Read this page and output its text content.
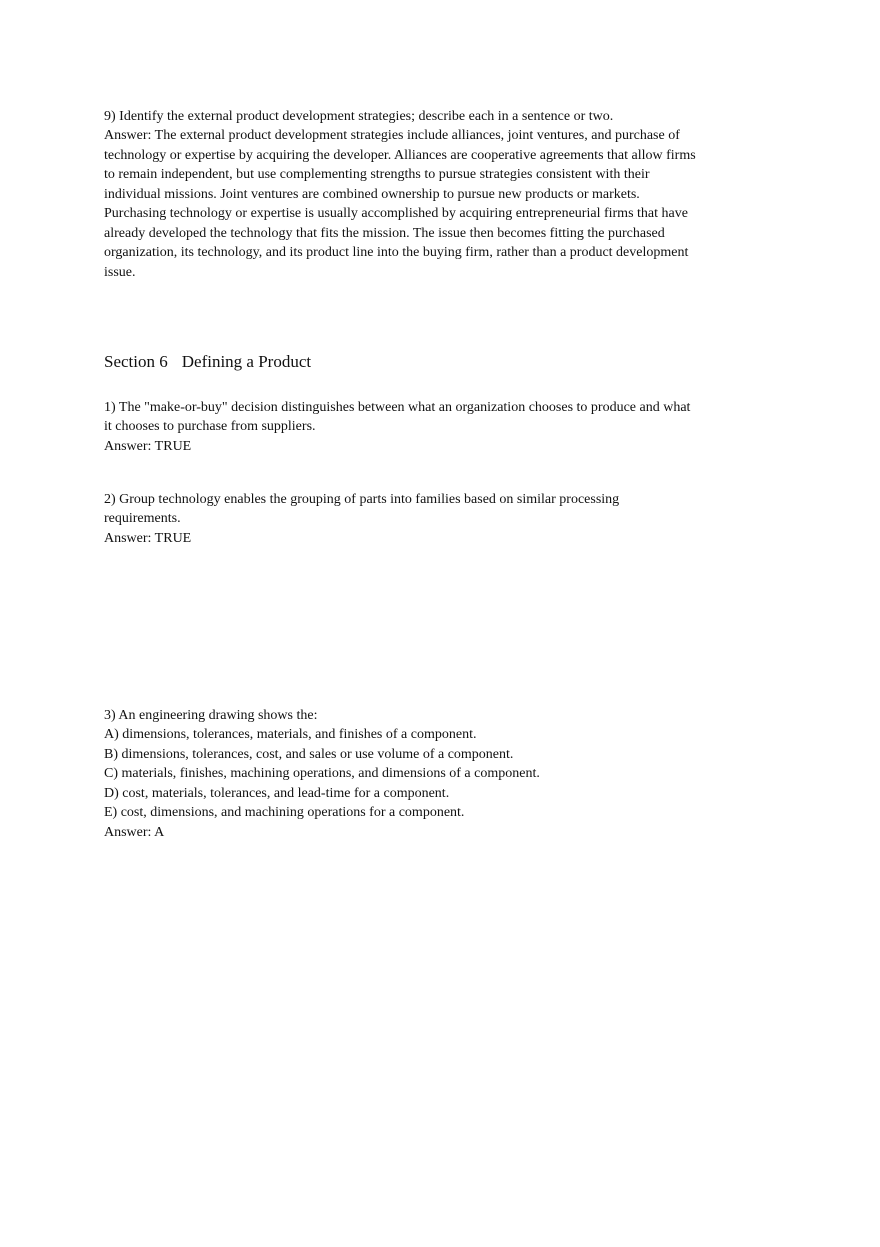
9) Identify the external product development strategies; describe each in a sentence or two.
Answer: The external product development strategies include alliances, joint ventures, and purchase of
technology or expertise by acquiring the developer. Alliances are cooperative agreements that allow firms
to remain independent, but use complementing strengths to pursue strategies consistent with their
individual missions. Joint ventures are combined ownership to pursue new products or markets.
Purchasing technology or expertise is usually accomplished by acquiring entrepreneurial firms that have
already developed the technology that fits the mission. The issue then becomes fitting the purchased
organization, its technology, and its product line into the buying firm, rather than a product development
issue.
Section 6 Defining a Product
1) The "make-or-buy" decision distinguishes between what an organization chooses to produce and what
it chooses to purchase from suppliers.
Answer: TRUE
2) Group technology enables the grouping of parts into families based on similar processing
requirements.
Answer: TRUE
3) An engineering drawing shows the:
A) dimensions, tolerances, materials, and finishes of a component.
B) dimensions, tolerances, cost, and sales or use volume of a component.
C) materials, finishes, machining operations, and dimensions of a component.
D) cost, materials, tolerances, and lead-time for a component.
E) cost, dimensions, and machining operations for a component.
Answer: A
